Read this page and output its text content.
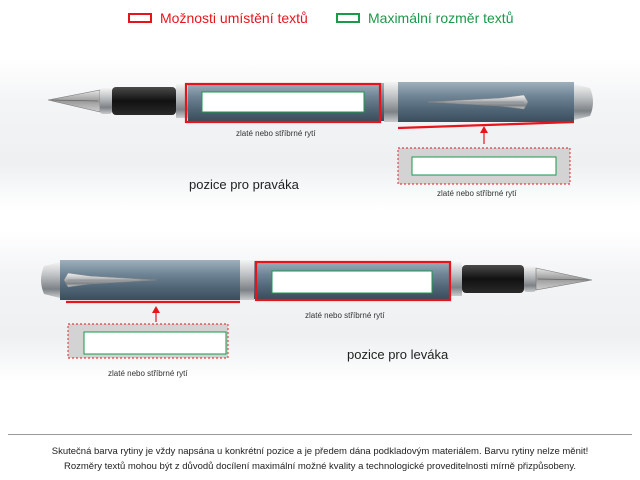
Možnosti umístění textů	Maximální rozměr textů
zlaté nebo stříbrné rytí
pozice pro praváka
zlaté nebo stříbrné rytí
zlaté nebo stříbrné rytí
pozice pro leváka
zlaté nebo stříbrné rytí
Skutečná barva rytiny je vždy napsána u konkrétní pozice a je předem dána podkladovým materiálem. Barvu rytiny nelze měnit!
Rozměry textů mohou být z důvodů docílení maximální možné kvality a technologické proveditelnosti mírně přizpůsobeny.
